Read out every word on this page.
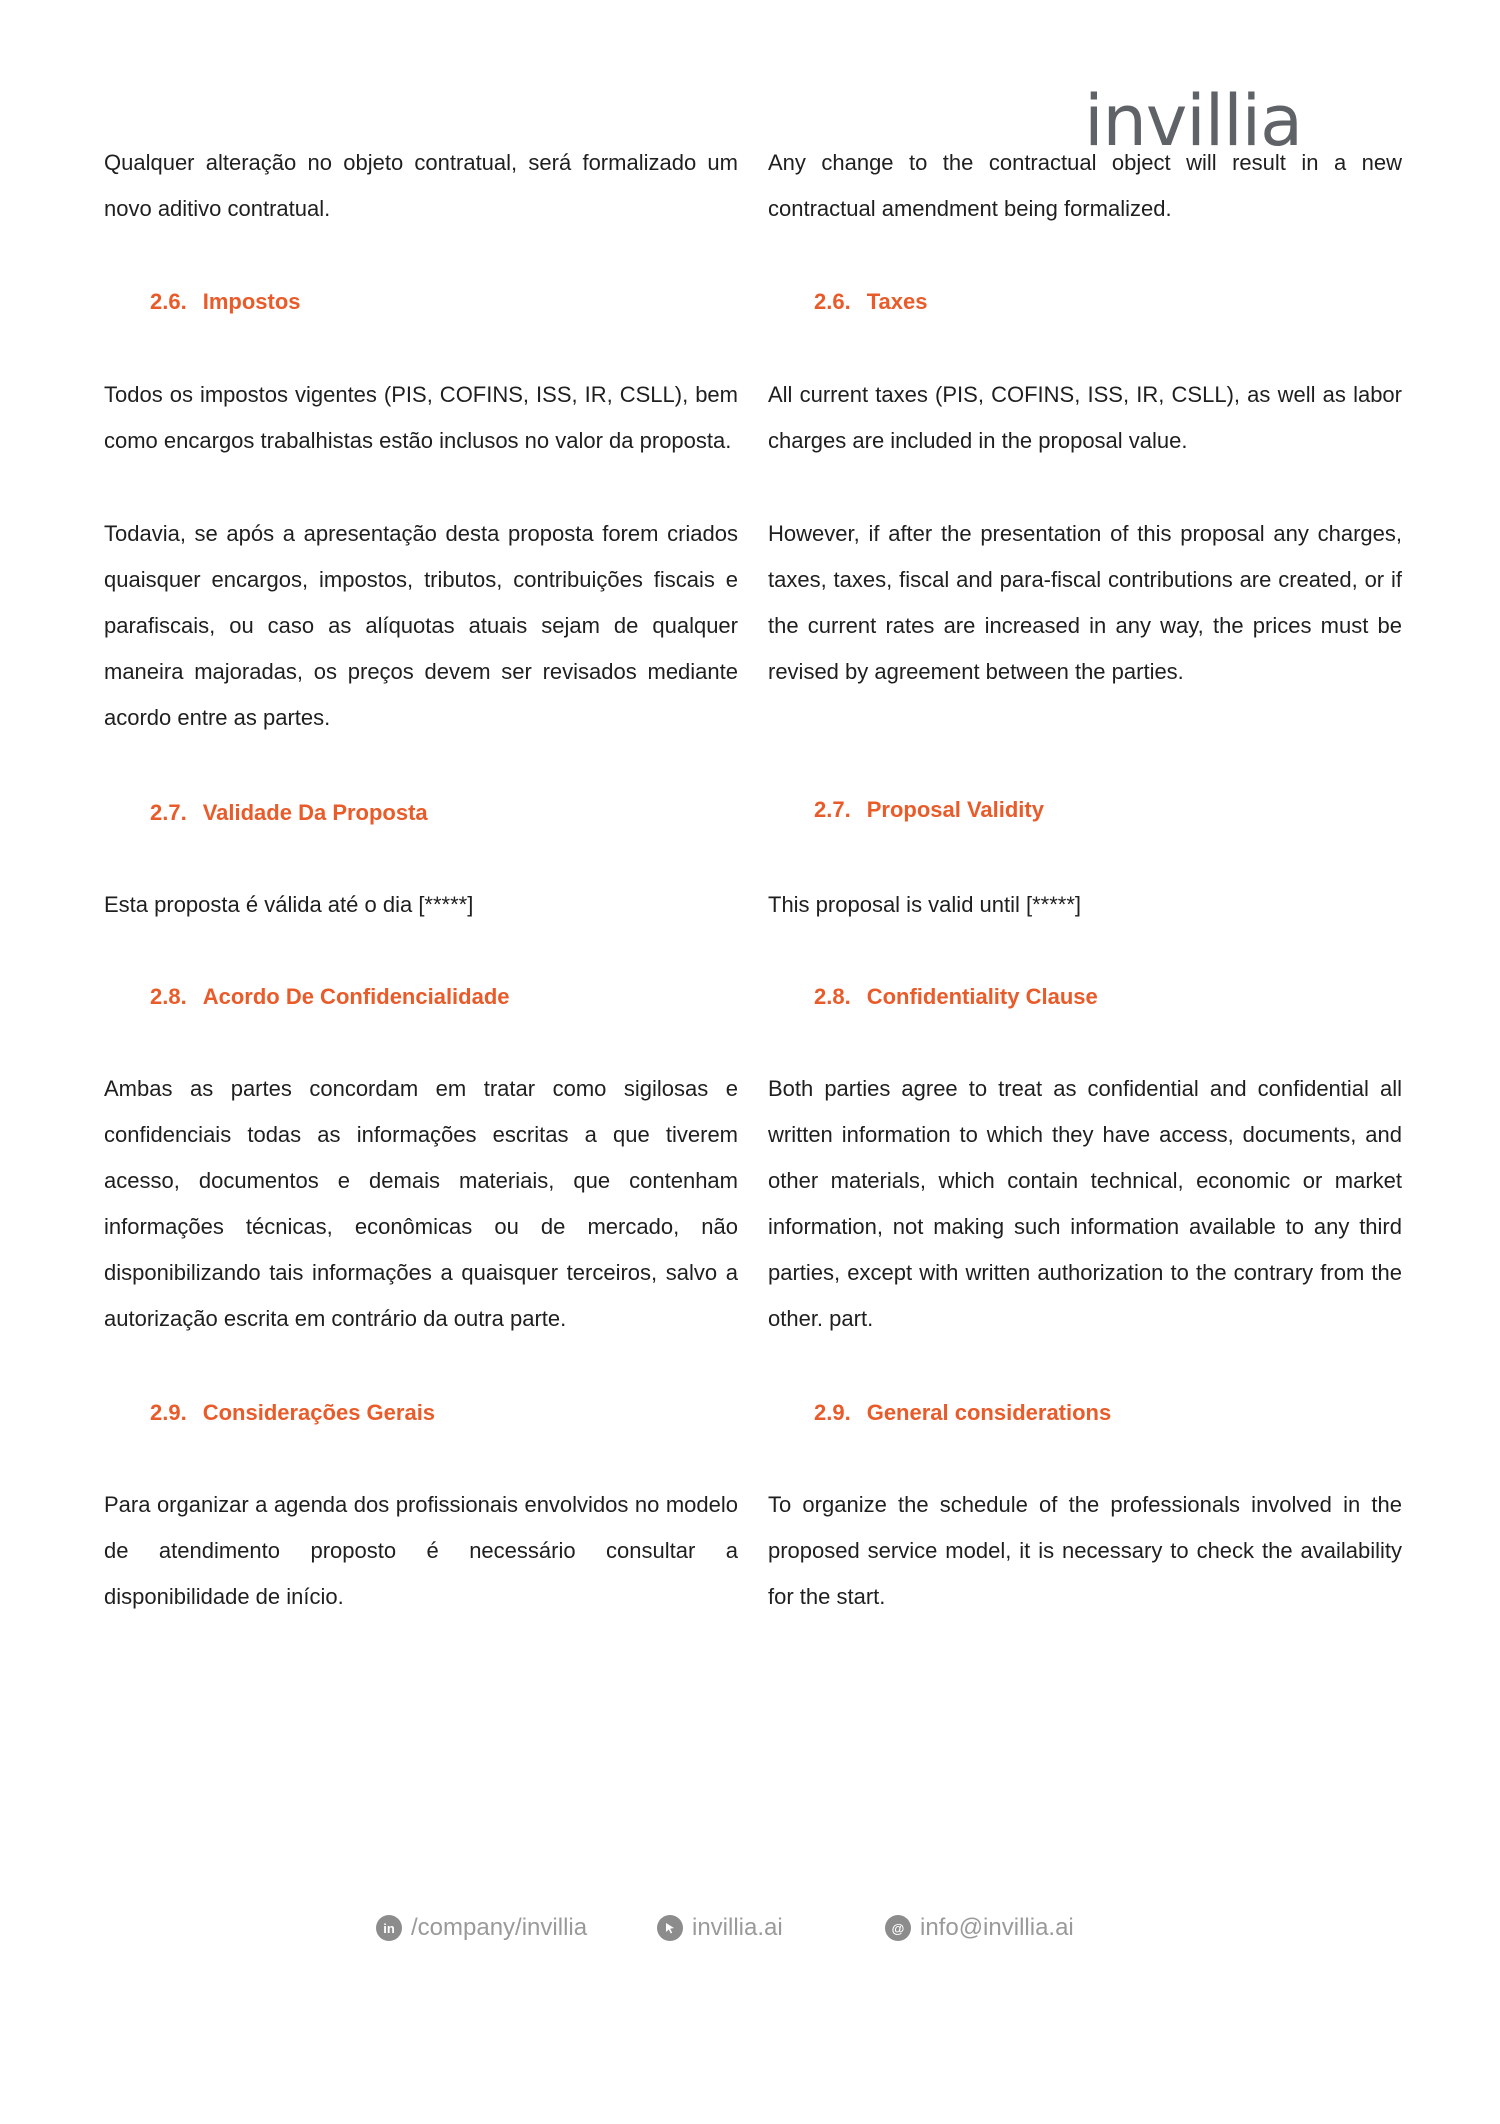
invillia
Qualquer alteração no objeto contratual, será formalizado um novo aditivo contratual.
Any change to the contractual object will result in a new contractual amendment being formalized.
2.6. Impostos	2.6. Taxes
Todos os impostos vigentes (PIS, COFINS, ISS, IR, CSLL), bem como encargos trabalhistas estão inclusos no valor da proposta.
Todavia, se após a apresentação desta proposta forem criados quaisquer encargos, impostos, tributos, contribuições fiscais e parafiscais, ou caso as alíquotas atuais sejam de qualquer maneira majoradas, os preços devem ser revisados mediante acordo entre as partes.
All current taxes (PIS, COFINS, ISS, IR, CSLL), as well as labor charges are included in the proposal value.
However, if after the presentation of this proposal any charges, taxes, taxes, fiscal and para-fiscal contributions are created, or if the current rates are increased in any way, the prices must be revised by agreement between the parties.
2.7. Validade Da Proposta	2.7. Proposal Validity
Esta proposta é válida até o dia [*****]	This proposal is valid until [*****]
2.8. Acordo De Confidencialidade	2.8. Confidentiality Clause
Ambas as partes concordam em tratar como sigilosas e confidenciais todas as informações escritas a que tiverem acesso, documentos e demais materiais, que contenham informações técnicas, econômicas ou de mercado, não disponibilizando tais informações a quaisquer terceiros, salvo a autorização escrita em contrário da outra parte.
Both parties agree to treat as confidential and confidential all written information to which they have access, documents, and other materials, which contain technical, economic or market information, not making such information available to any third parties, except with written authorization to the contrary from the other. part.
2.9. Considerações Gerais	2.9. General considerations
Para organizar a agenda dos profissionais envolvidos no modelo de atendimento proposto é necessário consultar a disponibilidade de início.
To organize the schedule of the professionals involved in the proposed service model, it is necessary to check the availability for the start.
in /company/invillia	invillia.ai	@ info@invillia.ai
